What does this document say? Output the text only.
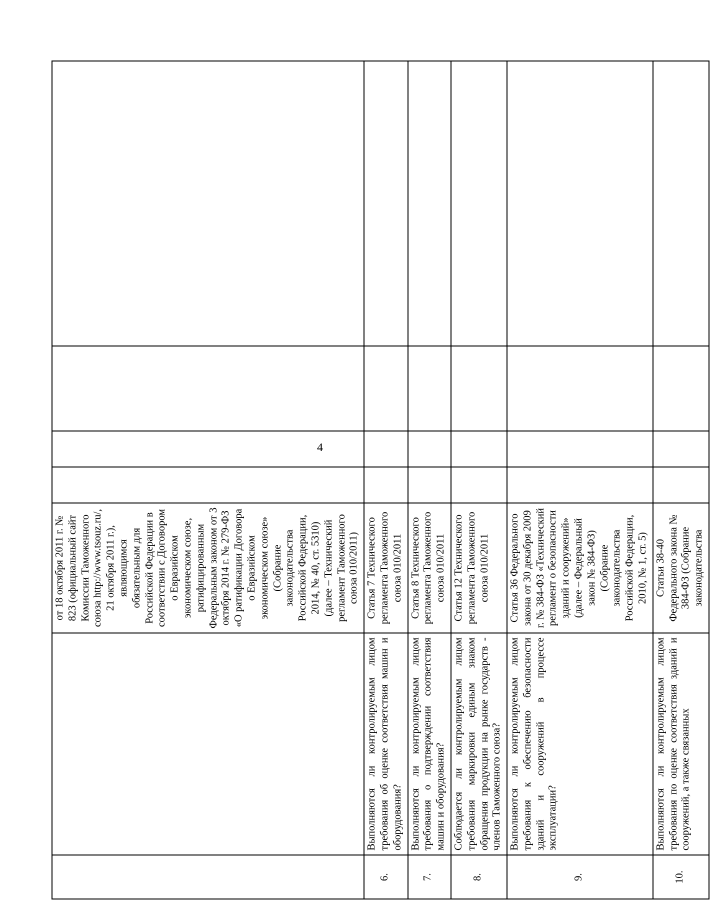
4
		от 18 октября 2011 г. № 823 (официальный сайт Комиссии Таможенного союза http://www.tsouz.ru/, 21 октября 2011 г.), являющимся обязательным для Российской Федерации в соответствии с Договором о Евразийском экономическом союзе, ратифицированным Федеральным законом от 3 октября 2014 г. № 279-ФЗ «О ратификации Договора о Евразийском экономическом союзе» (Собрание законодательства Российской Федерации, 2014, № 40, ст. 5310) (далее – Технический регламент Таможенного союза 010/2011)				
6.	Выполняются ли контролируемым лицом требования об оценке соответствия машин и оборудования?	Статья 7 Технического регламента Таможенного союза 010/2011				
7.	Выполняются ли контролируемым лицом требования о подтверждении соответствия машин и оборудования?	Статья 8 Технического регламента Таможенного союза 010/2011				
8.	Соблюдается ли контролируемым лицом требования маркировки единым знаком обращения продукции на рынке государств - членов Таможенного союза?	Статья 12 Технического регламента Таможенного союза 010/2011				
9.	Выполняются ли контролируемым лицом требования к обеспечению безопасности зданий и сооружений в процессе эксплуатации?	Статья 36 Федерального закона от 30 декабря 2009 г. № 384-ФЗ «Технический регламент о безопасности зданий и сооружений» (далее – Федеральный закон № 384-ФЗ) (Собрание законодательства Российской Федерации, 2010, № 1, ст. 5)				
10.	Выполняются ли контролируемым лицом требования по оценке соответствия зданий и сооружений, а также связанных	Статьи 38-40 Федерального закона № 384-ФЗ (Собрание законодательства				
